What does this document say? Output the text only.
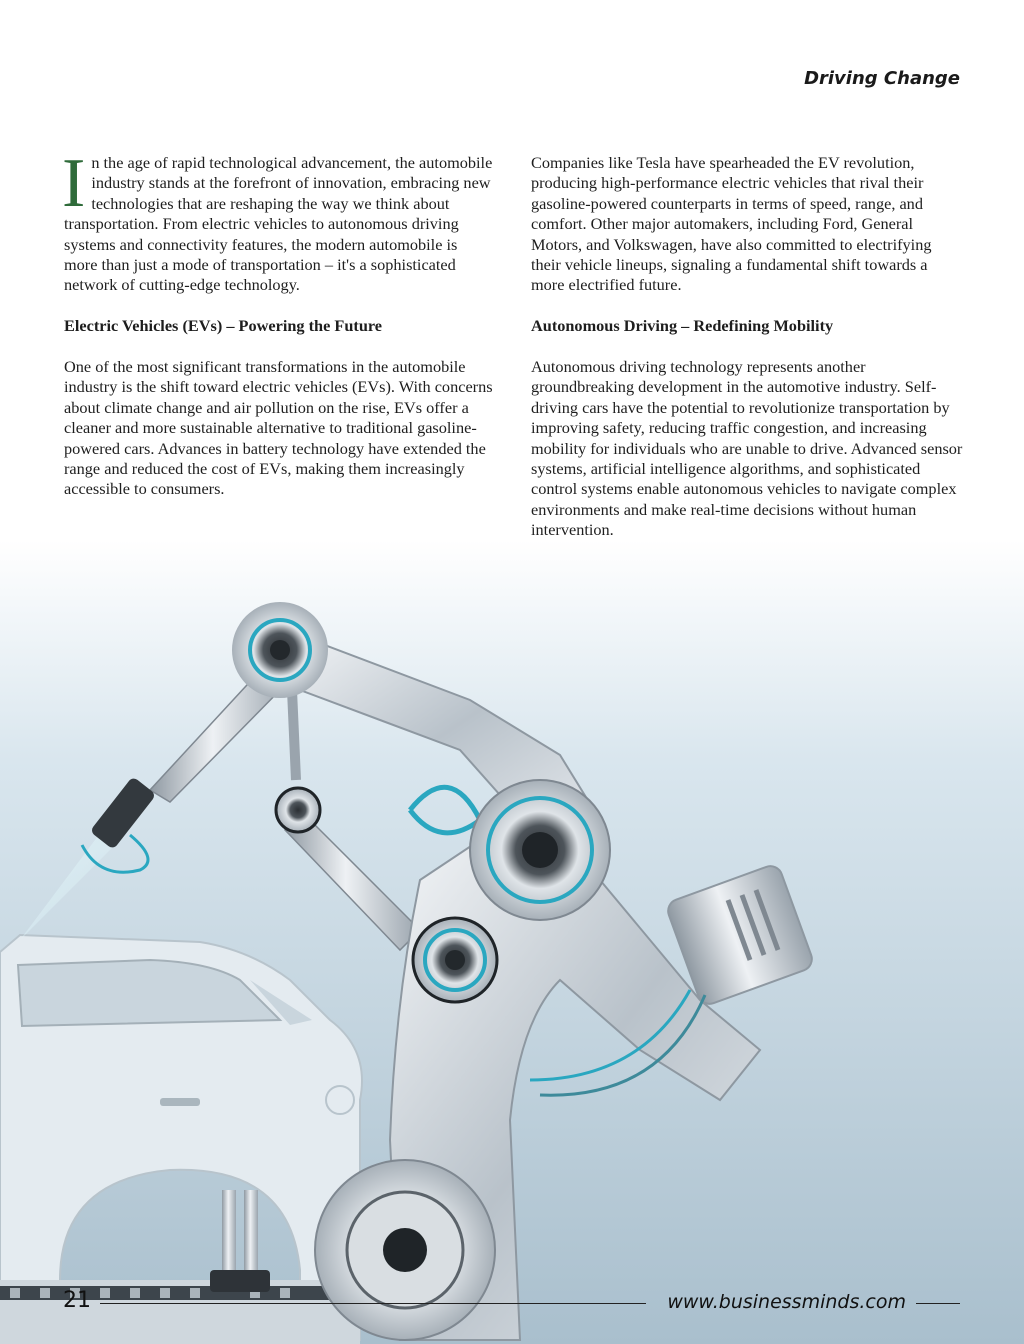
Driving Change

In the age of rapid technological advancement, the automobile industry stands at the forefront of innovation, embracing new technologies that are reshaping the way we think about transportation. From electric vehicles to autonomous driving systems and connectivity features, the modern automobile is more than just a mode of transportation – it's a sophisticated network of cutting-edge technology.

Electric Vehicles (EVs) – Powering the Future

One of the most significant transformations in the automobile industry is the shift toward electric vehicles (EVs). With concerns about climate change and air pollution on the rise, EVs offer a cleaner and more sustainable alternative to traditional gasoline-powered cars. Advances in battery technology have extended the range and reduced the cost of EVs, making them increasingly accessible to consumers.

Companies like Tesla have spearheaded the EV revolution, producing high-performance electric vehicles that rival their gasoline-powered counterparts in terms of speed, range, and comfort. Other major automakers, including Ford, General Motors, and Volkswagen, have also committed to electrifying their vehicle lineups, signaling a fundamental shift towards a more electrified future.

Autonomous Driving – Redefining Mobility

Autonomous driving technology represents another groundbreaking development in the automotive industry. Self-driving cars have the potential to revolutionize transportation by improving safety, reducing traffic congestion, and increasing mobility for individuals who are unable to drive. Advanced sensor systems, artificial intelligence algorithms, and sophisticated control systems enable autonomous vehicles to navigate complex environments and make real-time decisions without human intervention.

21	www.businessminds.com
